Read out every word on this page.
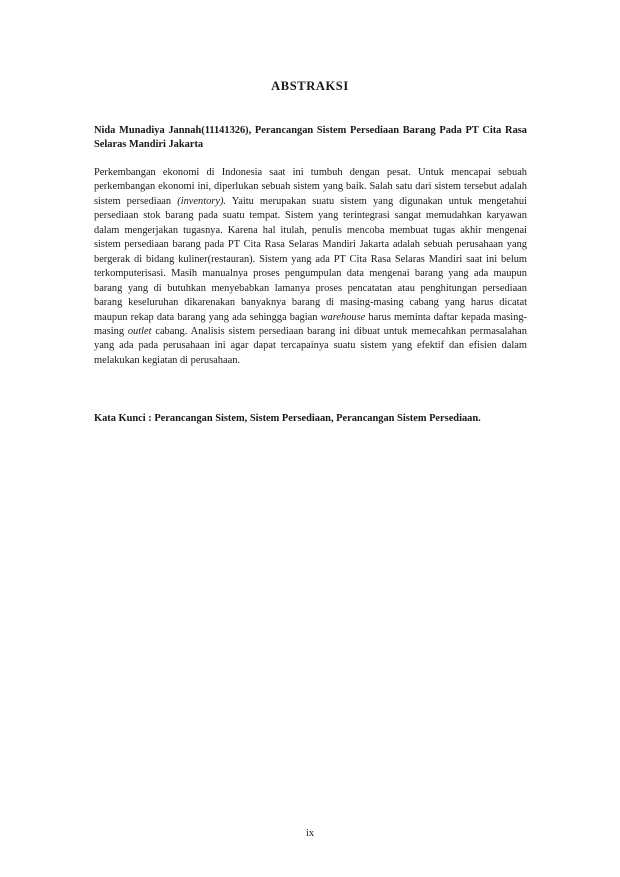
ABSTRAKSI
Nida Munadiya Jannah(11141326), Perancangan Sistem Persediaan Barang Pada PT Cita Rasa Selaras Mandiri Jakarta
Perkembangan ekonomi di Indonesia saat ini tumbuh dengan pesat. Untuk mencapai sebuah perkembangan ekonomi ini, diperlukan sebuah sistem yang baik. Salah satu dari sistem tersebut adalah sistem persediaan (inventory). Yaitu merupakan suatu sistem yang digunakan untuk mengetahui persediaan stok barang pada suatu tempat. Sistem yang terintegrasi sangat memudahkan karyawan dalam mengerjakan tugasnya. Karena hal itulah, penulis mencoba membuat tugas akhir mengenai sistem persediaan barang pada PT Cita Rasa Selaras Mandiri Jakarta adalah sebuah perusahaan yang bergerak di bidang kuliner(restauran). Sistem yang ada PT Cita Rasa Selaras Mandiri saat ini belum terkomputerisasi. Masih manualnya proses pengumpulan data mengenai barang yang ada maupun barang yang di butuhkan menyebabkan lamanya proses pencatatan atau penghitungan persediaan barang keseluruhan dikarenakan banyaknya barang di masing-masing cabang yang harus dicatat maupun rekap data barang yang ada sehingga bagian warehouse harus meminta daftar kepada masing-masing outlet cabang. Analisis sistem persediaan barang ini dibuat untuk memecahkan permasalahan yang ada pada perusahaan ini agar dapat tercapainya suatu sistem yang efektif dan efisien dalam melakukan kegiatan di perusahaan.
Kata Kunci : Perancangan Sistem, Sistem Persediaan, Perancangan Sistem Persediaan.
ix
